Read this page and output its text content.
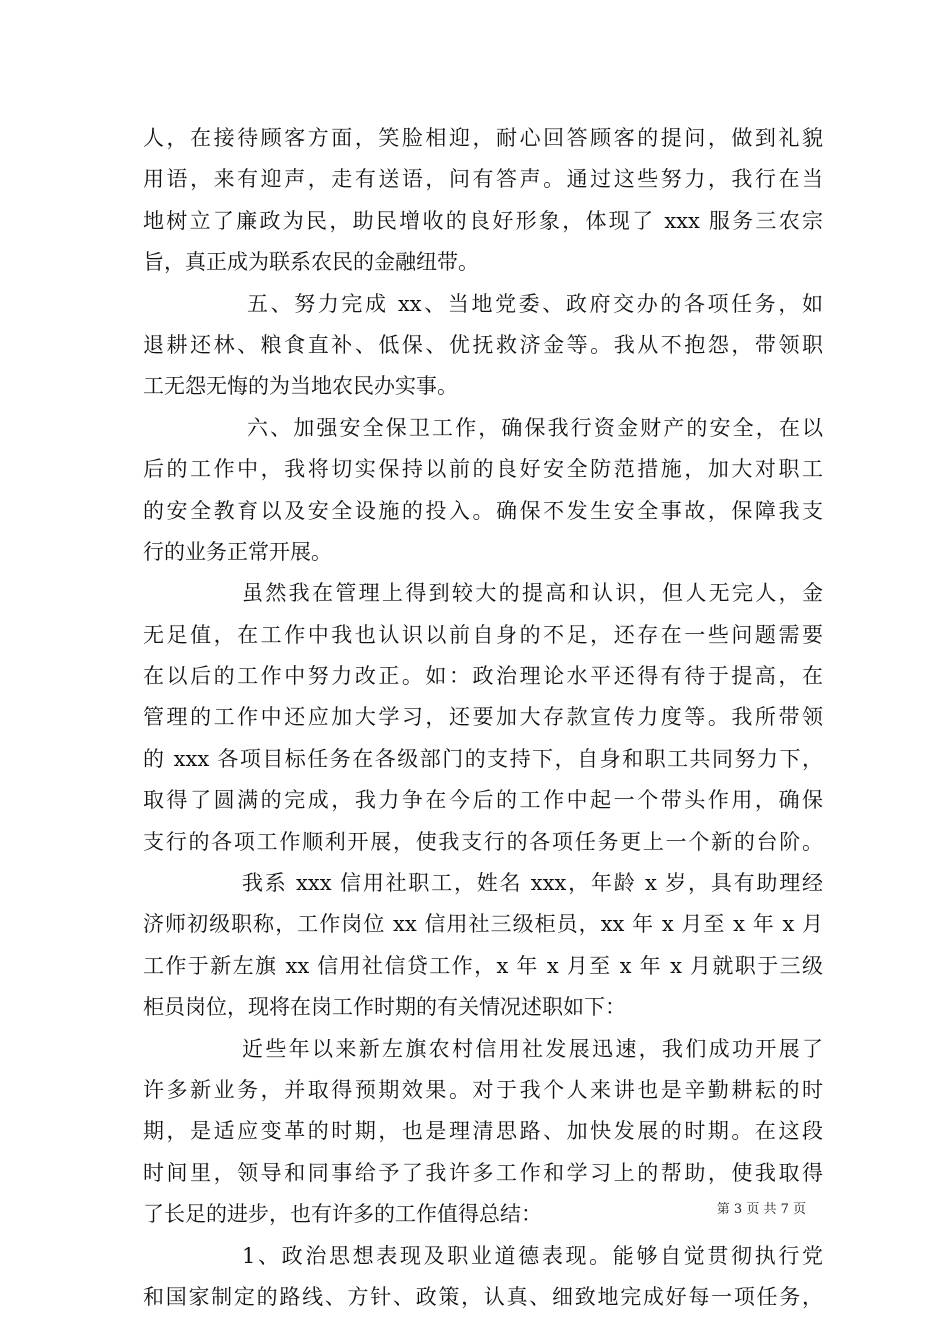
人，在接待顾客方面，笑脸相迎，耐心回答顾客的提问，做到礼貌
用语，来有迎声，走有送语，问有答声。通过这些努力，我行在当
地树立了廉政为民，助民增收的良好形象，体现了 xxx 服务三农宗
旨，真正成为联系农民的金融纽带。
五、努力完成 xx、当地党委、政府交办的各项任务，如
退耕还林、粮食直补、低保、优抚救济金等。我从不抱怨，带领职
工无怨无悔的为当地农民办实事。
六、加强安全保卫工作，确保我行资金财产的安全，在以
后的工作中，我将切实保持以前的良好安全防范措施，加大对职工
的安全教育以及安全设施的投入。确保不发生安全事故，保障我支
行的业务正常开展。
虽然我在管理上得到较大的提高和认识，但人无完人，金
无足值，在工作中我也认识以前自身的不足，还存在一些问题需要
在以后的工作中努力改正。如：政治理论水平还得有待于提高，在
管理的工作中还应加大学习，还要加大存款宣传力度等。我所带领
的 xxx 各项目标任务在各级部门的支持下，自身和职工共同努力下，
取得了圆满的完成，我力争在今后的工作中起一个带头作用，确保
支行的各项工作顺利开展，使我支行的各项任务更上一个新的台阶。
我系 xxx 信用社职工，姓名 xxx，年龄 x 岁，具有助理经
济师初级职称，工作岗位 xx 信用社三级柜员，xx 年 x 月至 x 年 x 月
工作于新左旗 xx 信用社信贷工作，x 年 x 月至 x 年 x 月就职于三级
柜员岗位，现将在岗工作时期的有关情况述职如下：
近些年以来新左旗农村信用社发展迅速，我们成功开展了
许多新业务，并取得预期效果。对于我个人来讲也是辛勤耕耘的时
期，是适应变革的时期，也是理清思路、加快发展的时期。在这段
时间里，领导和同事给予了我许多工作和学习上的帮助，使我取得
了长足的进步，也有许多的工作值得总结：
1、政治思想表现及职业道德表现。能够自觉贯彻执行党
和国家制定的路线、方针、政策，认真、细致地完成好每一项任务，
第 3 页 共 7 页
